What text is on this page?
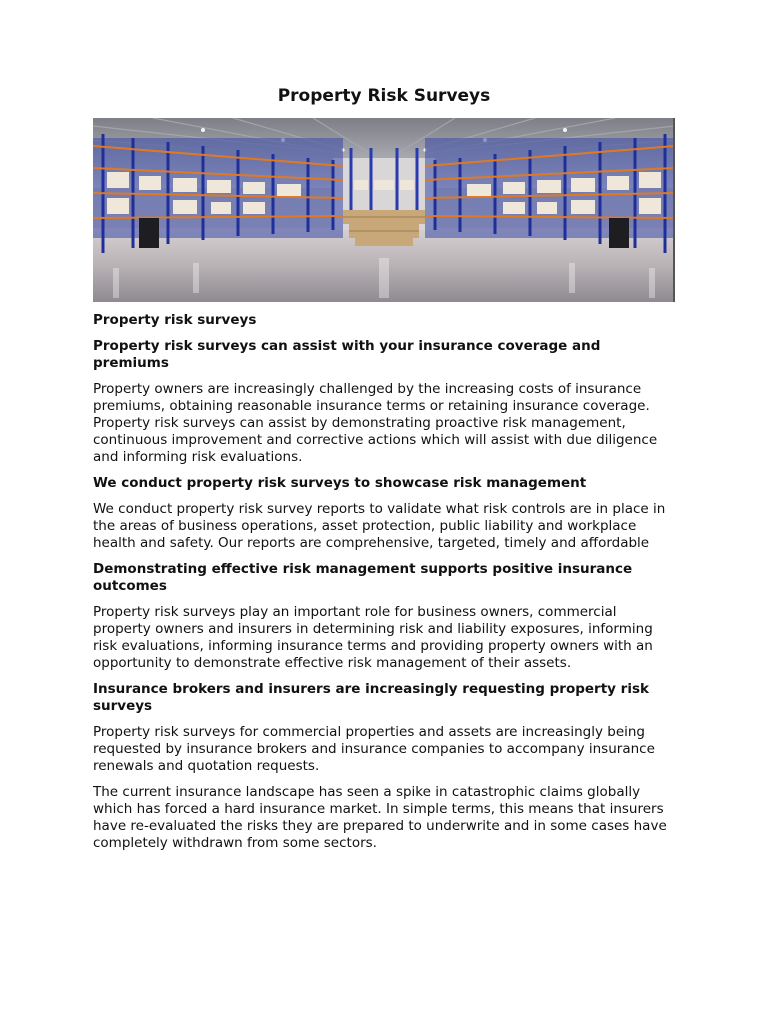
Property Risk Surveys
Property risk surveys
Property risk surveys can assist with your insurance coverage and premiums

Property owners are increasingly challenged by the increasing costs of insurance premiums, obtaining reasonable insurance terms or retaining insurance coverage. Property risk surveys can assist by demonstrating proactive risk management, continuous improvement and corrective actions which will assist with due diligence and informing risk evaluations.

We conduct property risk surveys to showcase risk management

We conduct property risk survey reports to validate what risk controls are in place in the areas of business operations, asset protection, public liability and workplace health and safety. Our reports are comprehensive, targeted, timely and affordable

Demonstrating effective risk management supports positive insurance outcomes

Property risk surveys play an important role for business owners, commercial property owners and insurers in determining risk and liability exposures, informing risk evaluations, informing insurance terms and providing property owners with an opportunity to demonstrate effective risk management of their assets.

Insurance brokers and insurers are increasingly requesting property risk surveys

Property risk surveys for commercial properties and assets are increasingly being requested by insurance brokers and insurance companies to accompany insurance renewals and quotation requests.

The current insurance landscape has seen a spike in catastrophic claims globally which has forced a hard insurance market. In simple terms, this means that insurers have re-evaluated the risks they are prepared to underwrite and in some cases have completely withdrawn from some sectors.
